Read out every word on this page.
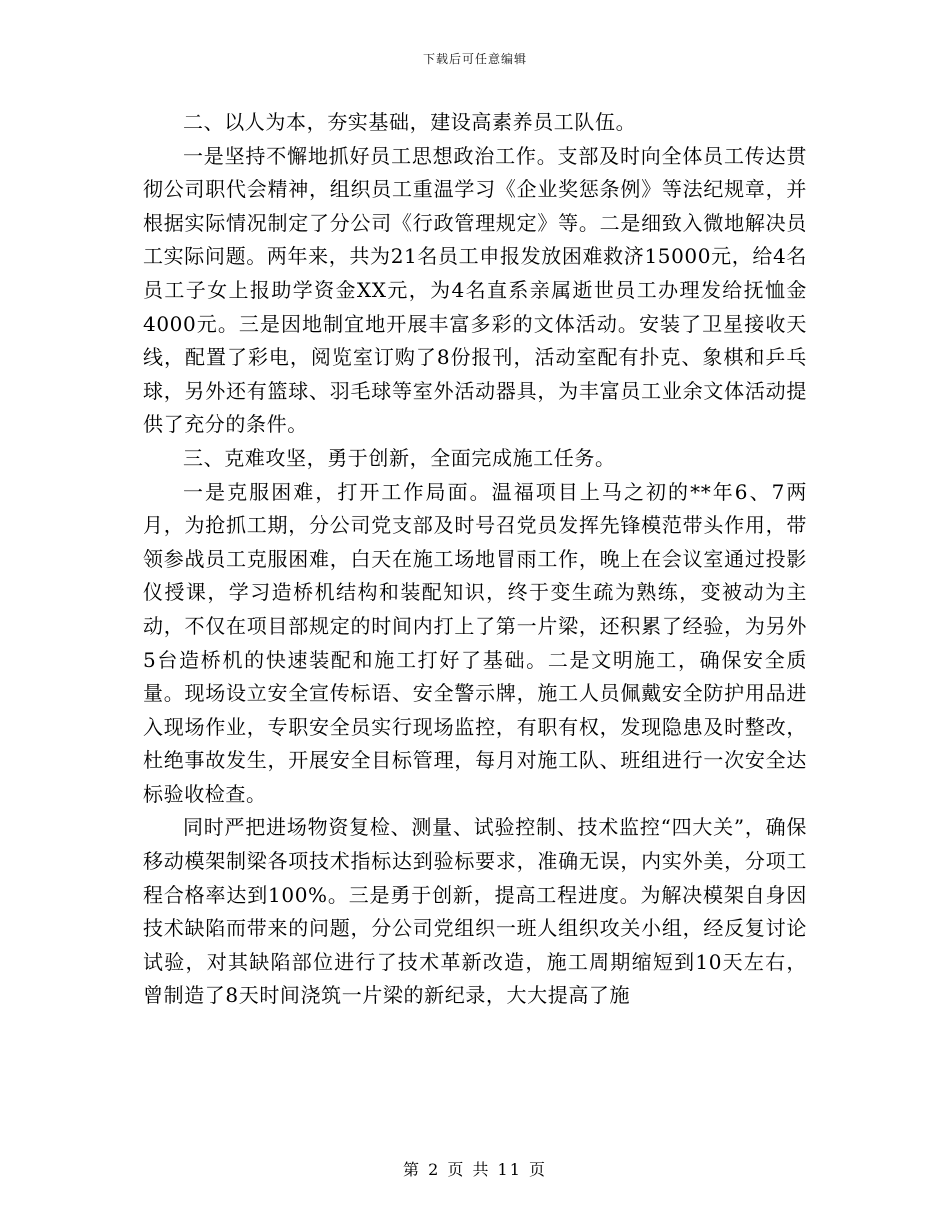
下载后可任意编辑

二、以人为本，夯实基础，建设高素养员工队伍。

一是坚持不懈地抓好员工思想政治工作。支部及时向全体员工传达贯彻公司职代会精神，组织员工重温学习《企业奖惩条例》等法纪规章，并根据实际情况制定了分公司《行政管理规定》等。二是细致入微地解决员工实际问题。两年来，共为21名员工申报发放困难救济15000元，给4名员工子女上报助学资金XX元，为4名直系亲属逝世员工办理发给抚恤金4000元。三是因地制宜地开展丰富多彩的文体活动。安装了卫星接收天线，配置了彩电，阅览室订购了8份报刊，活动室配有扑克、象棋和乒乓球，另外还有篮球、羽毛球等室外活动器具，为丰富员工业余文体活动提供了充分的条件。

三、克难攻坚，勇于创新，全面完成施工任务。

一是克服困难，打开工作局面。温福项目上马之初的**年6、7两月，为抢抓工期，分公司党支部及时号召党员发挥先锋模范带头作用，带领参战员工克服困难，白天在施工场地冒雨工作，晚上在会议室通过投影仪授课，学习造桥机结构和装配知识，终于变生疏为熟练，变被动为主动，不仅在项目部规定的时间内打上了第一片梁，还积累了经验，为另外5台造桥机的快速装配和施工打好了基础。二是文明施工，确保安全质量。现场设立安全宣传标语、安全警示牌，施工人员佩戴安全防护用品进入现场作业，专职安全员实行现场监控，有职有权，发现隐患及时整改，杜绝事故发生，开展安全目标管理，每月对施工队、班组进行一次安全达标验收检查。

同时严把进场物资复检、测量、试验控制、技术监控“四大关”，确保移动模架制梁各项技术指标达到验标要求，准确无误，内实外美，分项工程合格率达到100%。三是勇于创新，提高工程进度。为解决模架自身因技术缺陷而带来的问题，分公司党组织一班人组织攻关小组，经反复讨论试验，对其缺陷部位进行了技术革新改造，施工周期缩短到10天左右，曾制造了8天时间浇筑一片梁的新纪录，大大提高了施

第 2 页 共 11 页
